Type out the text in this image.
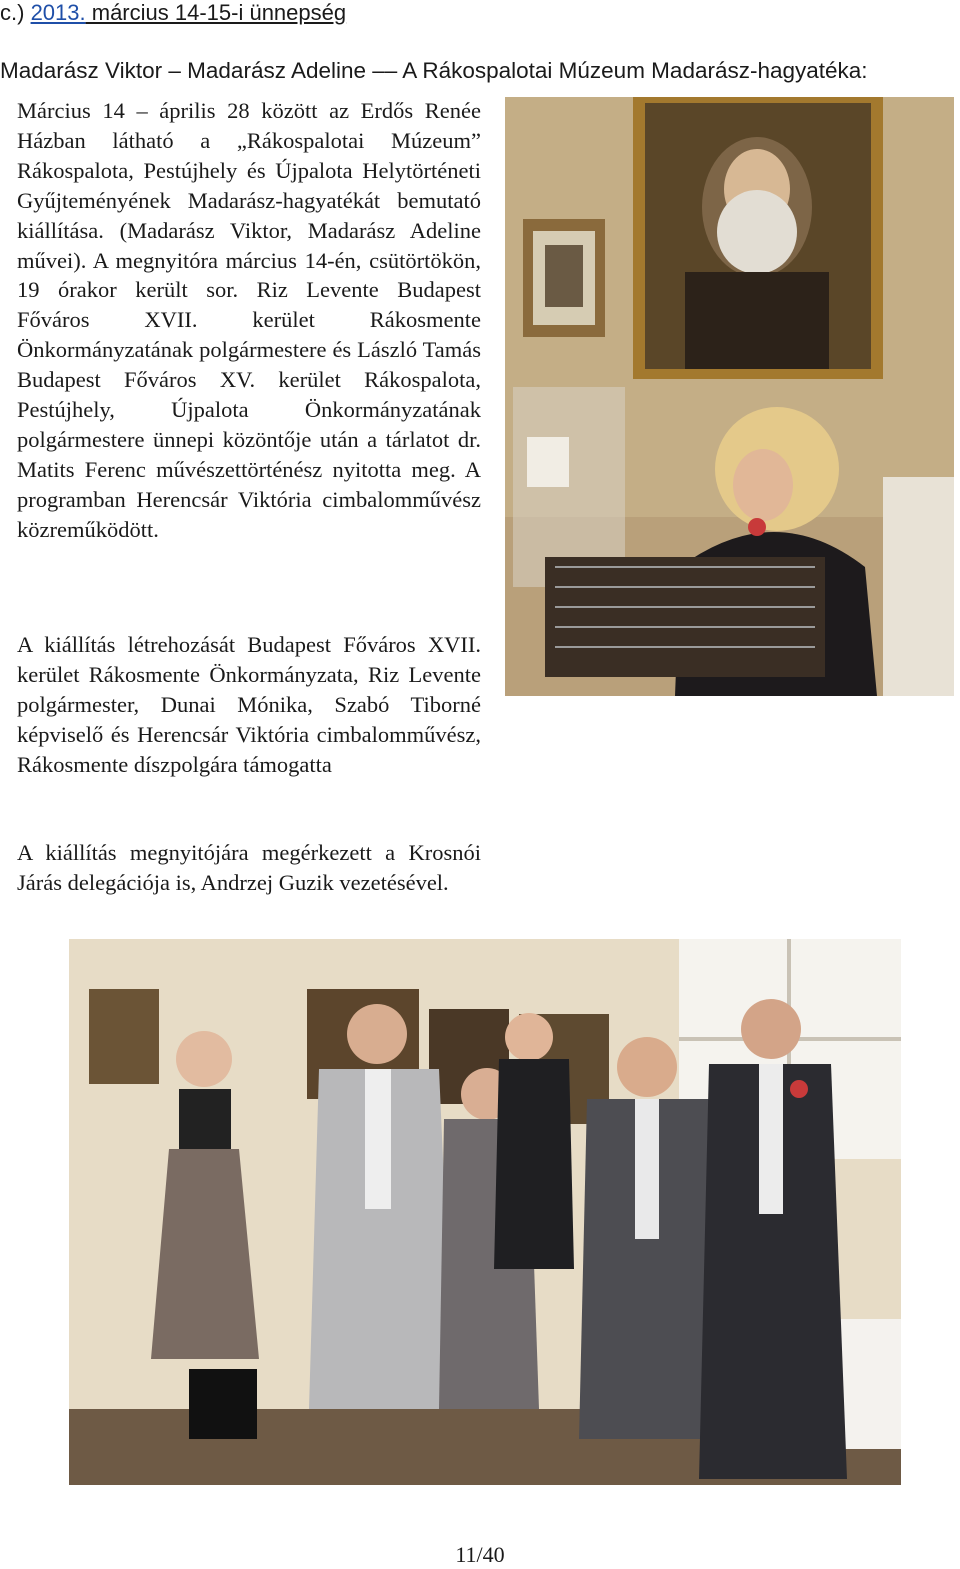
c.) 2013. március 14-15-i ünnepség
Madarász Viktor – Madarász Adeline –– A Rákospalotai Múzeum Madarász-hagyatéka:

Március 14 – április 28 között az Erdős Renée Házban látható a „Rákospalotai Múzeum” Rákospalota, Pestújhely és Újpalota Helytörténeti Gyűjteményének Madarász-hagyatékát bemutató kiállítása. (Madarász Viktor, Madarász Adeline művei). A megnyitóra március 14-én, csütörtökön, 19 órakor került sor. Riz Levente Budapest Főváros XVII. kerület Rákosmente Önkormányzatának polgármestere és László Tamás Budapest Főváros XV. kerület Rákospalota, Pestújhely, Újpalota Önkormányzatának polgármestere ünnepi közöntője után a tárlatot dr. Matits Ferenc művészettörténész nyitotta meg. A programban Herencsár Viktória cimbalomművész közreműködött.

A kiállítás létrehozását Budapest Főváros XVII. kerület Rákosmente Önkormányzata, Riz Levente polgármester, Dunai Mónika, Szabó Tiborné képviselő és Herencsár Viktória cimbalomművész, Rákosmente díszpolgára támogatta

A kiállítás megnyitójára megérkezett a Krosnói Járás delegációja is, Andrzej Guzik vezetésével.

11/40
